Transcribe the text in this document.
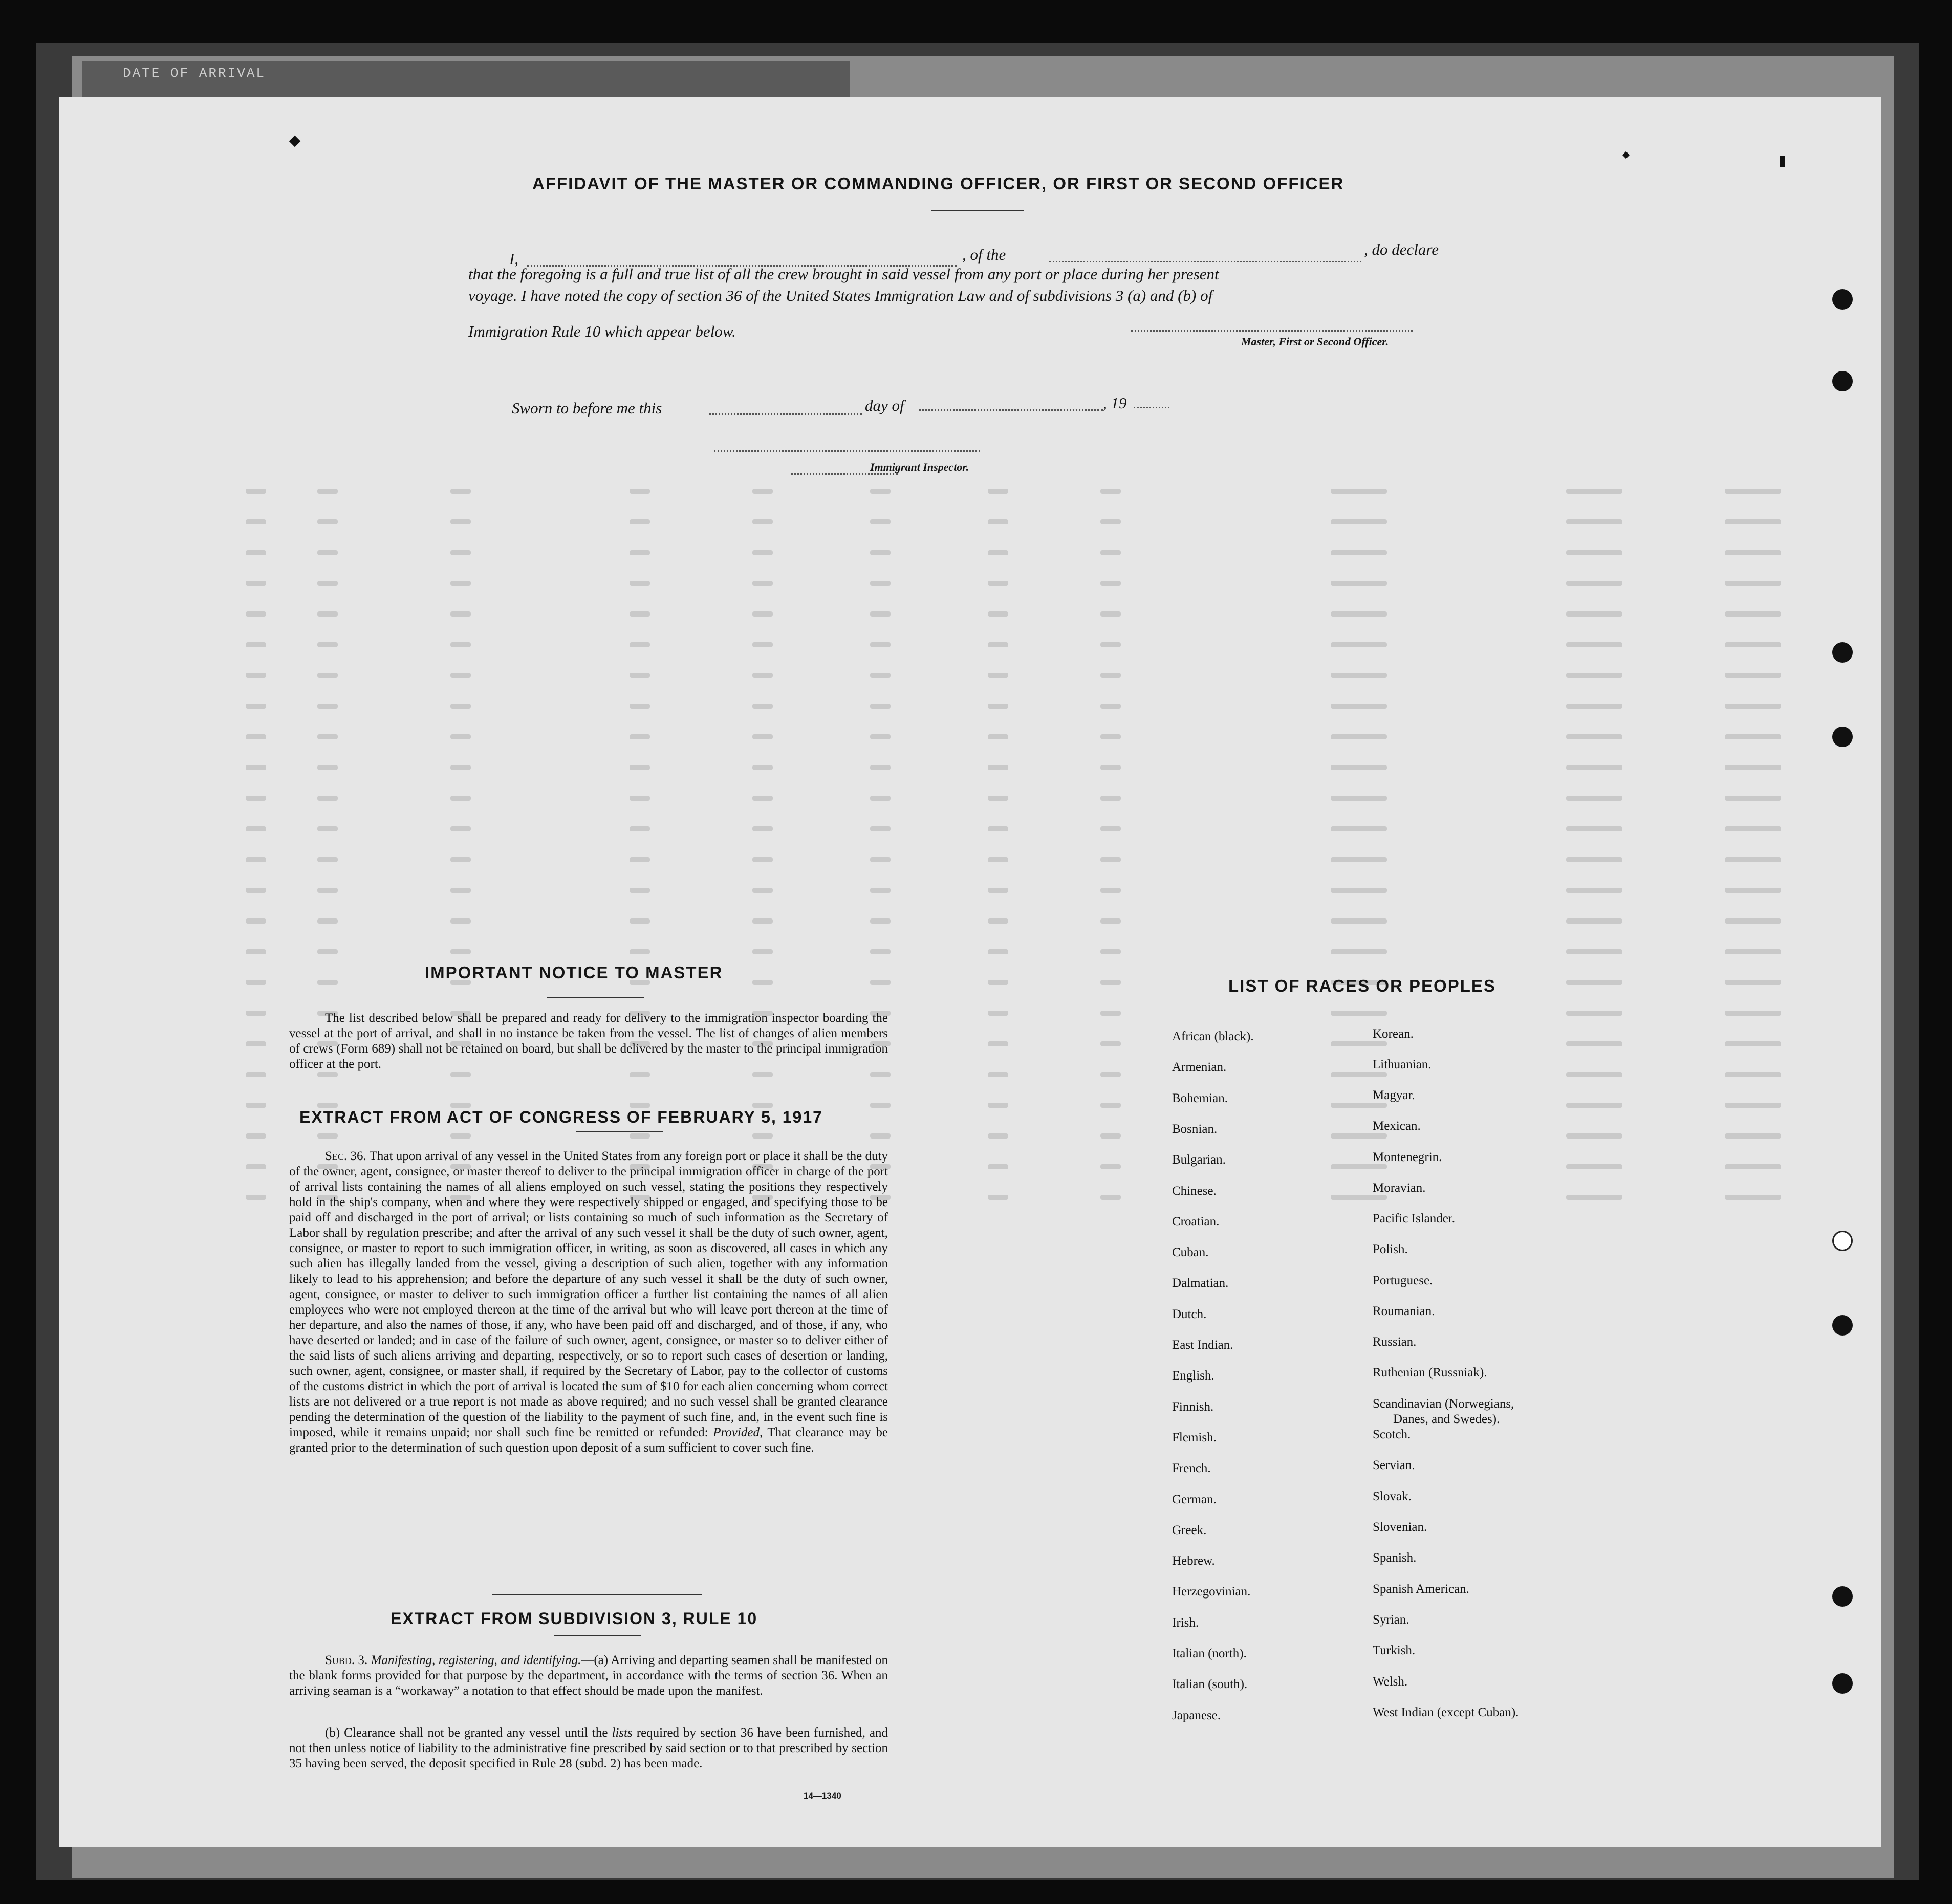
DATE OF ARRIVAL
AFFIDAVIT OF THE MASTER OR COMMANDING OFFICER, OR FIRST OR SECOND OFFICER
I,	, of the	, do declare
that the foregoing is a full and true list of all the crew brought in said vessel from any port or place during her present
voyage. I have noted the copy of section 36 of the United States Immigration Law and of subdivisions 3 (a) and (b) of
Immigration Rule 10 which appear below.
Master, First or Second Officer.
Sworn to before me this	day of	, 19
Immigrant Inspector.
IMPORTANT NOTICE TO MASTER
The list described below shall be prepared and ready for delivery to the immigration inspector boarding the vessel at the port of arrival, and shall in no instance be taken from the vessel. The list of changes of alien members of crews (Form 689) shall not be retained on board, but shall be delivered by the master to the principal immigration officer at the port.
EXTRACT FROM ACT OF CONGRESS OF FEBRUARY 5, 1917
Sec. 36. That upon arrival of any vessel in the United States from any foreign port or place it shall be the duty of the owner, agent, consignee, or master thereof to deliver to the principal immigration officer in charge of the port of arrival lists containing the names of all aliens employed on such vessel, stating the positions they respectively hold in the ship's company, when and where they were respectively shipped or engaged, and specifying those to be paid off and discharged in the port of arrival; or lists containing so much of such information as the Secretary of Labor shall by regulation prescribe; and after the arrival of any such vessel it shall be the duty of such owner, agent, consignee, or master to report to such immigration officer, in writing, as soon as discovered, all cases in which any such alien has illegally landed from the vessel, giving a description of such alien, together with any information likely to lead to his apprehension; and before the departure of any such vessel it shall be the duty of such owner, agent, consignee, or master to deliver to such immigration officer a further list containing the names of all alien employees who were not employed thereon at the time of the arrival but who will leave port thereon at the time of her departure, and also the names of those, if any, who have been paid off and discharged, and of those, if any, who have deserted or landed; and in case of the failure of such owner, agent, consignee, or master so to deliver either of the said lists of such aliens arriving and departing, respectively, or so to report such cases of desertion or landing, such owner, agent, consignee, or master shall, if required by the Secretary of Labor, pay to the collector of customs of the customs district in which the port of arrival is located the sum of $10 for each alien concerning whom correct lists are not delivered or a true report is not made as above required; and no such vessel shall be granted clearance pending the determination of the question of the liability to the payment of such fine, and, in the event such fine is imposed, while it remains unpaid; nor shall such fine be remitted or refunded: Provided, That clearance may be granted prior to the determination of such question upon deposit of a sum sufficient to cover such fine.
EXTRACT FROM SUBDIVISION 3, RULE 10
Subd. 3. Manifesting, registering, and identifying.—(a) Arriving and departing seamen shall be manifested on the blank forms provided for that purpose by the department, in accordance with the terms of section 36. When an arriving seaman is a “workaway” a notation to that effect should be made upon the manifest.
(b) Clearance shall not be granted any vessel until the lists required by section 36 have been furnished, and not then unless notice of liability to the administrative fine prescribed by said section or to that prescribed by section 35 having been served, the deposit specified in Rule 28 (subd. 2) has been made.
14—1340
LIST OF RACES OR PEOPLES
African (black).
Armenian.
Bohemian.
Bosnian.
Bulgarian.
Chinese.
Croatian.
Cuban.
Dalmatian.
Dutch.
East Indian.
English.
Finnish.
Flemish.
French.
German.
Greek.
Hebrew.
Herzegovinian.
Irish.
Italian (north).
Italian (south).
Japanese.
Korean.
Lithuanian.
Magyar.
Mexican.
Montenegrin.
Moravian.
Pacific Islander.
Polish.
Portuguese.
Roumanian.
Russian.
Ruthenian (Russniak).
Scandinavian (Norwegians,
Danes, and Swedes).
Scotch.
Servian.
Slovak.
Slovenian.
Spanish.
Spanish American.
Syrian.
Turkish.
Welsh.
West Indian (except Cuban).
